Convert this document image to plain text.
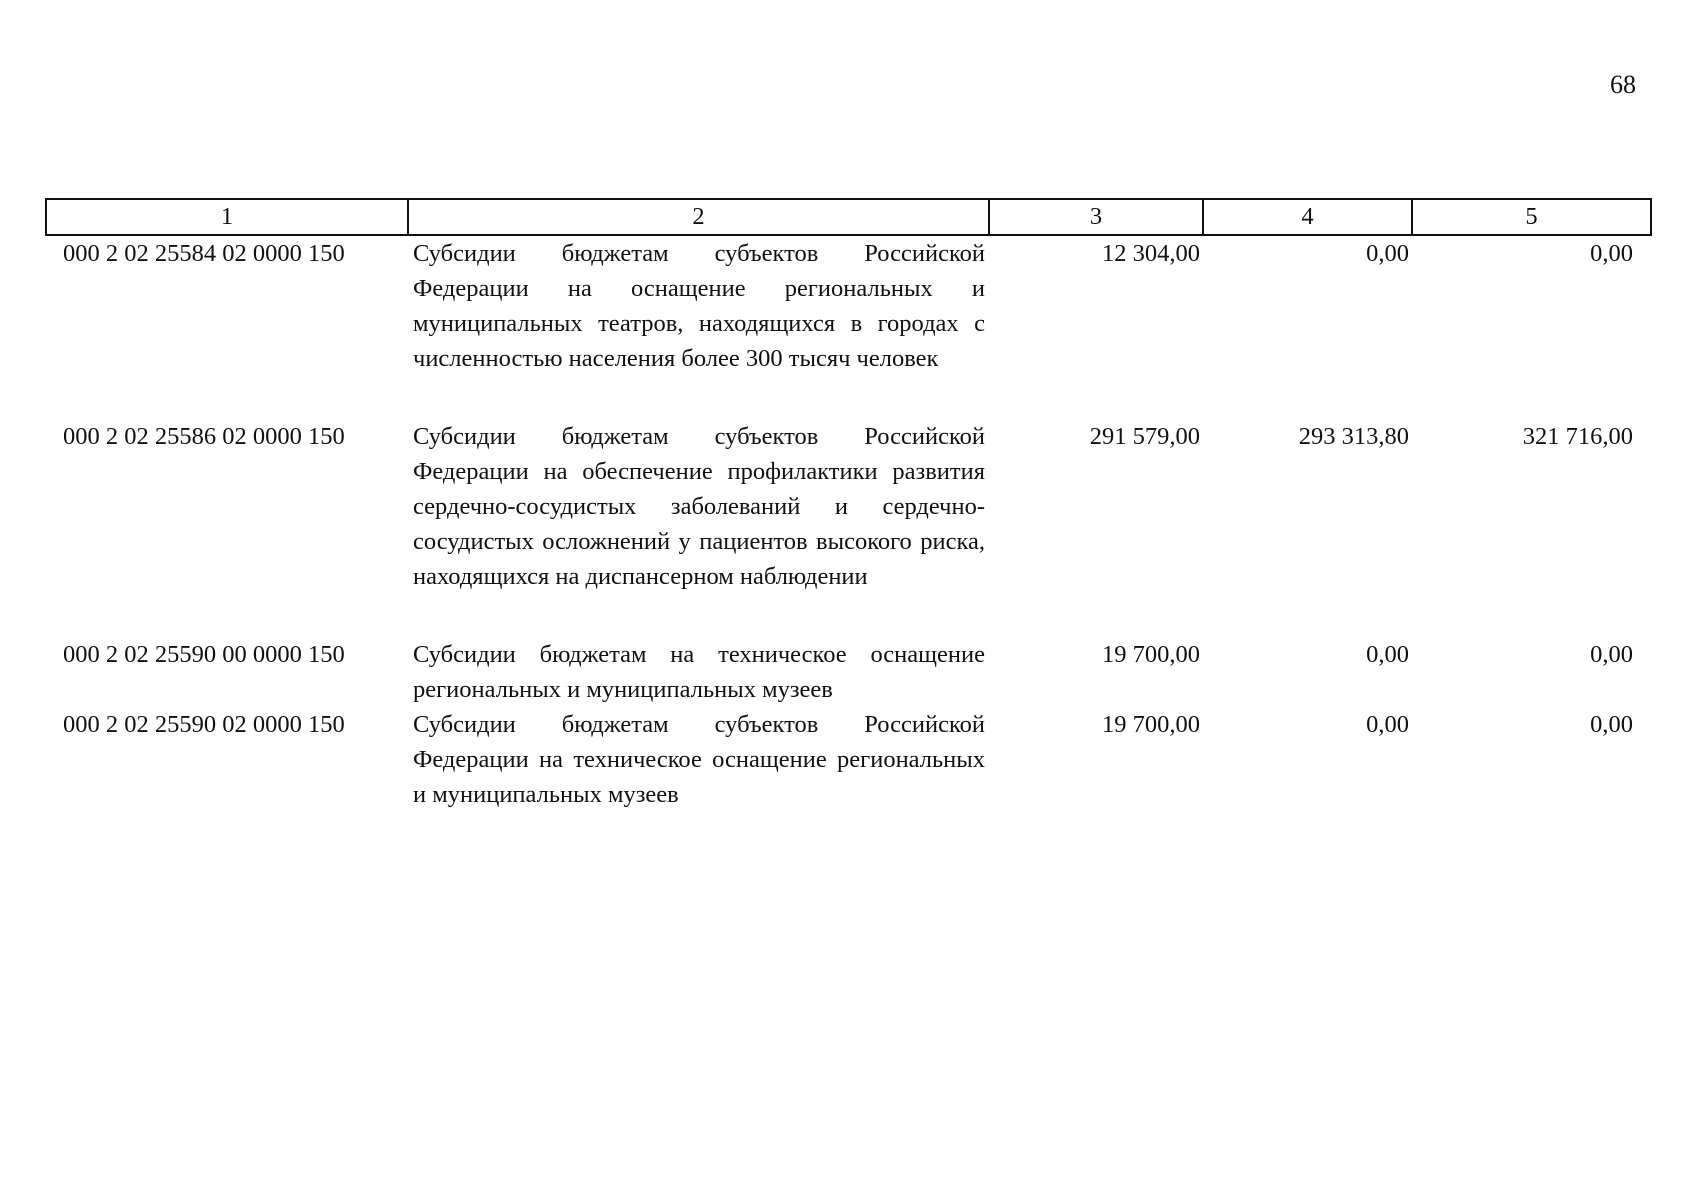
68
1	2	3	4	5
000 2 02 25584 02 0000 150	Субсидии бюджетам субъектов Российской Федерации на оснащение региональных и муниципальных театров, находящихся в городах с численностью населения более 300 тысяч человек	12 304,00	0,00	0,00
000 2 02 25586 02 0000 150	Субсидии бюджетам субъектов Российской Федерации на обеспечение профилактики развития сердечно-сосудистых заболеваний и сердечно-сосудистых осложнений у пациентов высокого риска, находящихся на диспансерном наблюдении	291 579,00	293 313,80	321 716,00
000 2 02 25590 00 0000 150	Субсидии бюджетам на техническое оснащение региональных и муниципальных музеев	19 700,00	0,00	0,00
000 2 02 25590 02 0000 150	Субсидии бюджетам субъектов Российской Федерации на техническое оснащение региональных и муниципальных музеев	19 700,00	0,00	0,00
